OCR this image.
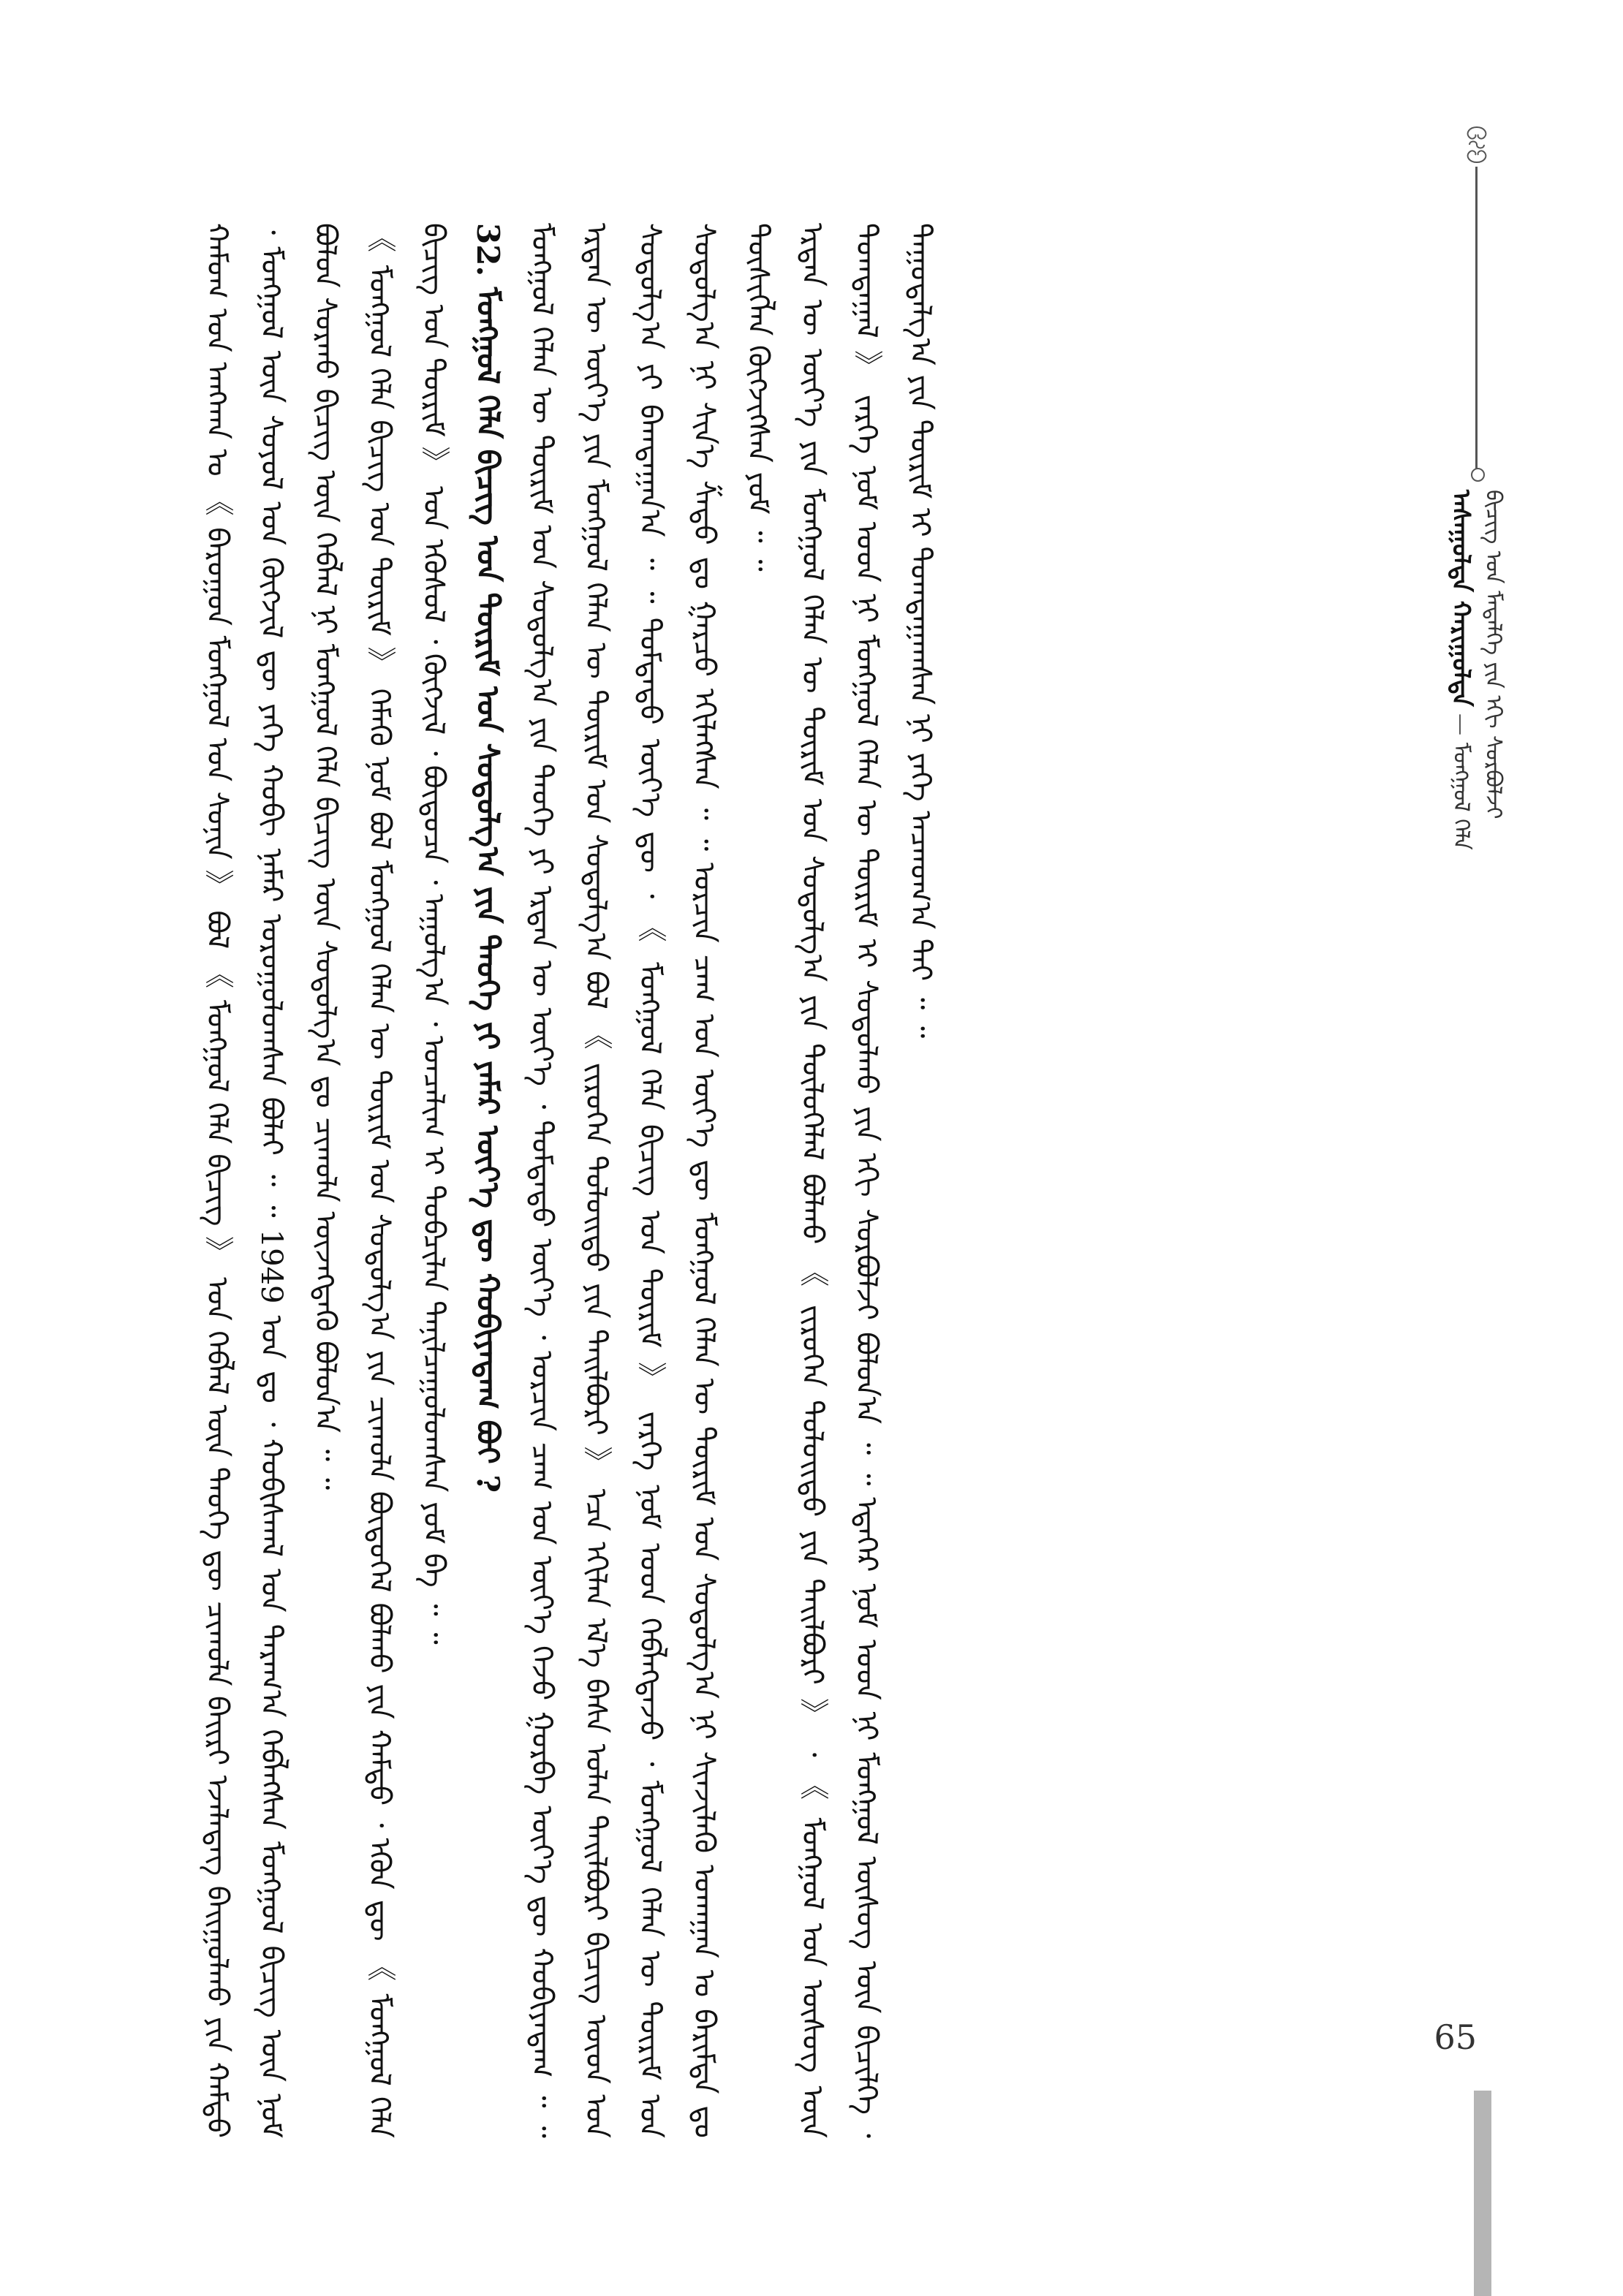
ᠠᠰᠠᠭᠤᠯᠲᠠ ᠬᠠᠷᠢᠭᠤᠯᠲᠠ — ᠮᠣᠩᠭᠣᠯ ᠬᠡᠯᠡ ᠪᠢᠴᠢᠭ ᠤᠨ ᠮᠡᠳᠡᠯᠭᠡ ᠶᠢᠨ ᠡᠬᠢ ᠰᠤᠷᠪᠤᠯᠵᠢ

ᠬᠠᠮᠤᠭ ᠤᠨ ᠠᠩᠬᠠᠨ ᠤ 《 ᠪᠠᠷᠤᠭᠤᠨ ᠮᠣᠩᠭᠣᠯ ᠤᠨ ᠰᠣᠨᠢᠨ 》 ᠪᠣᠯ 《 ᠮᠣᠩᠭᠣᠯ ᠬᠡᠯᠡ ᠪᠢᠴᠢᠭ 》 ᠤᠨ ᠬᠡᠪᠯᠡᠯ ᠦᠨ ᠲᠡᠦᠬᠡ ᠳᠦ ᠴᠢᠬᠤᠯᠠ ᠪᠠᠢᠷᠢ ᠡᠵᠡᠯᠡᠳᠡᠭ ᠪᠠᠢᠭᠤᠯᠬᠤ ᠶᠢᠨ ᠬᠠᠮᠲᠤ ᠂ ᠮᠣᠩᠭᠣᠯ ᠦᠨ ᠰᠣᠶᠤᠯ ᠤᠨ ᠬᠥᠭᠵᠢᠯ ᠳᠦ ᠶᠡᠬᠡ ᠬᠤᠪᠢ ᠨᠡᠮᠡᠷ ᠣᠷᠣᠭᠤᠯᠤᠭᠰᠠᠨ ᠪᠣᠯᠠᠢ ᠃ ᠃ 1949 ᠣᠨ ᠳᠤ ᠂ ᠬᠤᠪᠢᠰᠬᠠᠯ ᠤᠨ ᠳᠠᠷᠠᠭ᠎ᠠ ᠬᠡᠪᠯᠡᠭᠰᠡᠨ ᠮᠣᠩᠭᠣᠯ ᠪᠢᠴᠢᠭ ᠦᠨ ᠨᠣᠮ ᠪᠣᠯᠤᠨ ᠰᠤᠷᠬᠤ ᠪᠢᠴᠢᠭ ᠦᠨ ᠬᠡᠪᠯᠡᠯ ᠨᠢ ᠮᠣᠩᠭᠣᠯ ᠬᠡᠯᠡ ᠪᠢᠴᠢᠭ ᠦᠨ ᠰᠤᠳᠤᠯᠭ᠎ᠠ ᠳᠤ ᠴᠢᠬᠤᠯᠠ ᠦᠵᠡᠭᠳᠡᠬᠦ ᠪᠣᠯᠤᠨ᠎ᠠ ᠃ ᠃ 《 ᠮᠣᠩᠭᠣᠯ ᠬᠡᠯᠡ ᠪᠢᠴᠢᠭ ᠤᠨ ᠳᠦᠷᠢᠮ 》 ᠬᠡᠮᠡᠬᠦ ᠨᠣᠮ ᠪᠣᠯ ᠮᠣᠩᠭᠣᠯ ᠬᠡᠯᠡᠨ ᠦ ᠳᠦᠷᠢᠮ ᠤᠨ ᠰᠤᠳᠤᠯᠭ᠎ᠠ ᠶᠢᠨ ᠴᠢᠬᠤᠯᠠ ᠪᠦᠲᠦᠭᠡᠯ ᠪᠣᠯᠬᠤ ᠶᠢᠨ ᠬᠠᠮᠲᠤ ᠂ ᠡᠭᠦᠨ ᠳᠦ 《 ᠮᠣᠩᠭᠣᠯ ᠬᠡᠯᠡ ᠪᠢᠴᠢᠭ ᠤᠨ ᠳᠦᠷᠢᠮ 》 ᠤᠨ ᠡᠭᠦᠰᠦᠯ ᠂ ᠬᠥᠭᠵᠢᠯ ᠂ ᠪᠦᠲᠦᠴᠡ ᠂ ᠠᠭᠤᠯᠭ᠎ᠠ ᠂ ᠣᠨᠴᠠᠯᠢᠭ ᠢ ᠲᠣᠪᠴᠢᠯᠠᠨ ᠲᠠᠨᠢᠯᠴᠠᠭᠤᠯᠤᠭᠰᠠᠨ ᠶᠤᠮ ᠪᠠ ᠃ ᠃ 32. ᠮᠣᠩᠭᠣᠯ ᠬᠡᠯᠡ ᠪᠢᠴᠢᠭ ᠤᠨ ᠳᠦᠷᠢᠮ ᠤᠨ ᠰᠤᠳᠤᠯᠭ᠎ᠠ ᠶᠢᠨ ᠲᠡᠦᠬᠡ ᠶᠢ ᠶᠠᠮᠠᠷ ᠦᠶ᠎ᠡ ᠳᠦ ᠬᠤᠪᠢᠶᠠᠳᠠᠭ ᠪᠤᠢ ? ᠮᠣᠩᠭᠣᠯ ᠬᠡᠯᠡᠨ ᠦ ᠳᠦᠷᠢᠮ ᠤᠨ ᠰᠤᠳᠤᠯᠭ᠎ᠠ ᠶᠢᠨ ᠲᠡᠦᠬᠡ ᠶᠢ ᠡᠷᠲᠡᠨ ᠦ ᠦᠶ᠎ᠡ ᠂ ᠳᠤᠮᠳᠠᠳᠤ ᠦᠶ᠎ᠡ ᠂ ᠣᠷᠴᠢᠨ ᠴᠠᠭ ᠤᠨ ᠦᠶ᠎ᠡ ᠭᠡᠵᠦ ᠭᠤᠷᠪᠠ ᠦᠶ᠎ᠡ ᠳᠦ ᠬᠤᠪᠢᠶᠠᠳᠠᠭ ᠃ ᠃ ᠡᠷᠲᠡᠨ ᠦ ᠦᠶ᠎ᠡ ᠶᠢᠨ ᠮᠣᠩᠭᠣᠯ ᠬᠡᠯᠡᠨ ᠦ ᠳᠦᠷᠢᠮ ᠤᠨ ᠰᠤᠳᠤᠯᠭ᠎ᠠ ᠪᠣᠯ 《 ᠵᠢᠷᠦᠭᠡᠨ ᠲᠣᠯᠤᠢᠲᠤ ᠶᠢᠨ ᠲᠠᠢᠯᠪᠤᠷᠢ 》 ᠡᠴᠡ ᠡᠬᠢᠯᠡᠨ ᠡᠯ᠎ᠡ ᠪᠠᠰᠠ ᠣᠯᠠᠨ ᠲᠠᠢᠯᠪᠤᠷᠢ ᠪᠢᠴᠢᠭ ᠦᠳ ᠤᠨ ᠰᠤᠳᠤᠯᠭ᠎ᠠ ᠶᠢ ᠪᠠᠭᠲᠠᠭᠠᠨ᠎ᠠ ᠃ ᠃ ᠳᠤᠮᠳᠠᠳᠤ ᠦᠶ᠎ᠡ ᠳᠦ ᠂ 《 ᠮᠣᠩᠭᠣᠯ ᠬᠡᠯᠡ ᠪᠢᠴᠢᠭ ᠤᠨ ᠳᠦᠷᠢᠮ 》 ᠵᠡᠷᠭᠡ ᠨᠣᠮ ᠤᠳ ᠬᠡᠪᠯᠡᠭᠳᠡᠵᠦ ᠂ ᠮᠣᠩᠭᠣᠯ ᠬᠡᠯᠡᠨ ᠦ ᠳᠦᠷᠢᠮ ᠤᠨ ᠰᠤᠳᠤᠯᠭ᠎ᠠ ᠨᠢ ᠰᠢᠨ᠎ᠡ ᠱᠠᠲᠤ ᠳᠤ ᠭᠠᠷᠴᠤ ᠡᠬᠢᠯᠡᠭᠰᠡᠨ ᠃ ᠃ ᠣᠷᠴᠢᠨ ᠴᠠᠭ ᠤᠨ ᠦᠶ᠎ᠡ ᠳᠦ ᠮᠣᠩᠭᠣᠯ ᠬᠡᠯᠡᠨ ᠦ ᠳᠦᠷᠢᠮ ᠤᠨ ᠰᠤᠳᠤᠯᠭ᠎ᠠ ᠨᠢ ᠰᠢᠨᠵᠢᠯᠡᠬᠦ ᠤᠬᠠᠭᠠᠨ ᠤ ᠪᠠᠷᠢᠮᠲᠠ ᠳᠤ ᠲᠦᠰᠢᠭᠯᠡᠨ ᠬᠥᠭᠵᠢᠭᠰᠡᠨ ᠶᠤᠮ ᠃ ᠃ ᠡᠷᠲᠡᠨ ᠦ ᠦᠶ᠎ᠡ ᠶᠢᠨ ᠮᠣᠩᠭᠣᠯ ᠬᠡᠯᠡᠨ ᠦ ᠳᠦᠷᠢᠮ ᠤᠨ ᠰᠤᠳᠤᠯᠭ᠎ᠠ ᠶᠢᠨ ᠲᠦᠯᠦᠭᠡᠯᠡᠯ ᠪᠣᠯᠬᠤ 《 ᠵᠢᠷᠦᠭᠡᠨ ᠲᠣᠯᠤᠢᠲᠤ ᠶᠢᠨ ᠲᠠᠢᠯᠪᠤᠷᠢ 》 ᠂ 《 ᠮᠣᠩᠭᠣᠯ ᠤᠨ ᠦᠰᠦᠭ ᠦᠨ ᠲᠣᠭᠲᠠᠭᠠᠯ 》 ᠵᠡᠷᠭᠡ ᠨᠣᠮ ᠤᠳ ᠨᠢ ᠮᠣᠩᠭᠣᠯ ᠬᠡᠯᠡᠨ ᠦ ᠳᠦᠷᠢᠮ ᠢ ᠰᠤᠳᠤᠯᠬᠤ ᠶᠢᠨ ᠡᠬᠢ ᠰᠤᠷᠪᠤᠯᠵᠢ ᠪᠣᠯᠤᠨ᠎ᠠ ᠃ ᠃ ᠡᠳᠡᠭᠡᠷ ᠨᠣᠮ ᠤᠳ ᠨᠢ ᠮᠣᠩᠭᠣᠯ ᠦᠰᠦᠭ ᠦᠨ ᠪᠢᠴᠢᠯᠭᠡ ᠂ ᠳᠠᠭᠤᠳᠠᠯᠭ᠎ᠠ ᠶᠢᠨ ᠳᠦᠷᠢᠮ ᠢ ᠲᠣᠭᠲᠠᠭᠠᠭᠰᠠᠨ ᠨᠢ ᠶᠡᠬᠡ ᠠᠴᠬᠤᠭ᠎ᠠ ᠲᠠᠢ ᠃ ᠃

65
